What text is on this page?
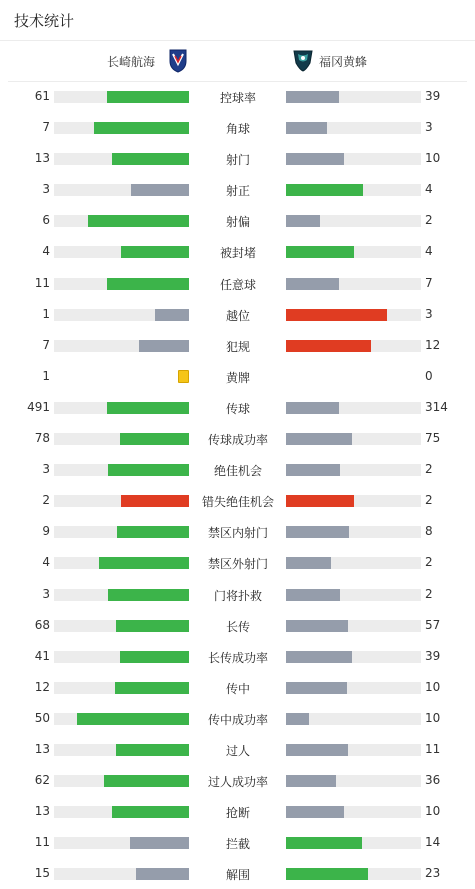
技术统计
长崎航海	福冈黄蜂
61	控球率	39
7	角球	3
13	射门	10
3	射正	4
6	射偏	2
4	被封堵	4
11	任意球	7
1	越位	3
7	犯规	12
1	黄牌	0
491	传球	314
78	传球成功率	75
3	绝佳机会	2
2	错失绝佳机会	2
9	禁区内射门	8
4	禁区外射门	2
3	门将扑救	2
68	长传	57
41	长传成功率	39
12	传中	10
50	传中成功率	10
13	过人	11
62	过人成功率	36
13	抢断	10
11	拦截	14
15	解围	23
